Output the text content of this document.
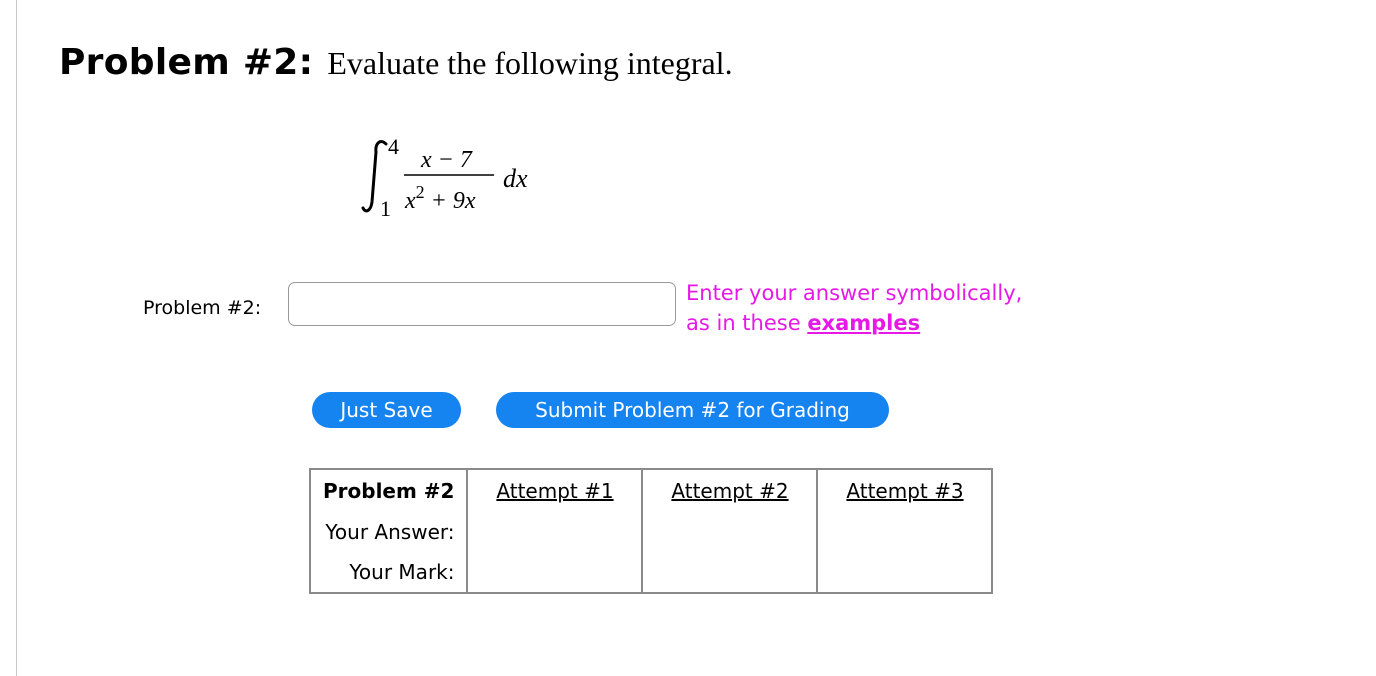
Problem #2: Evaluate the following integral.
4
1
x − 7
$x^2 + 9x$
dx
Problem #2:
Enter your answer symbolically,
as in these examples
Just Save	Submit Problem #2 for Grading
Problem #2	Attempt #1	Attempt #2	Attempt #3
Your Answer:			
Your Mark:			
